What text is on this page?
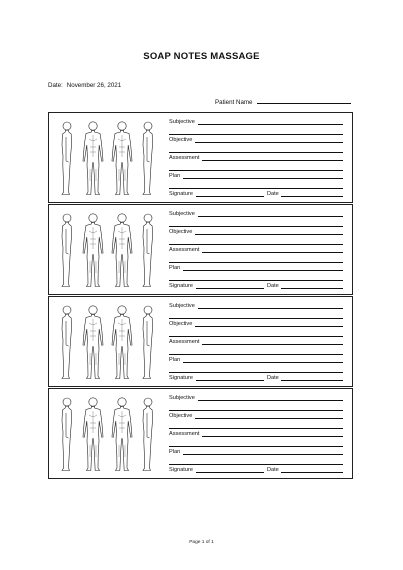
SOAP NOTES MASSAGE
Date: November 26, 2021
Patient Name
Subjective
Objective
Assessment
Plan
Signature	Date
Subjective
Objective
Assessment
Plan
Signature	Date
Subjective
Objective
Assessment
Plan
Signature	Date
Subjective
Objective
Assessment
Plan
Signature	Date
Page 1 of 1
